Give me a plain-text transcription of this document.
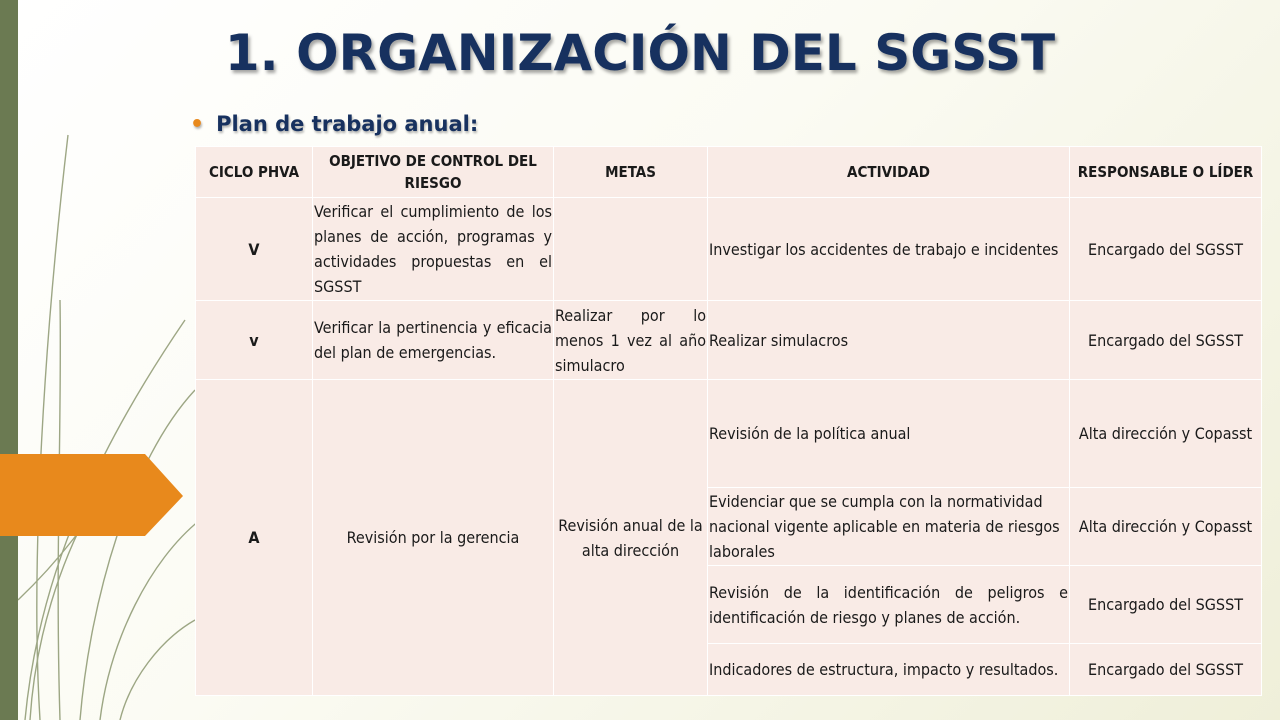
1. ORGANIZACIÓN DEL SGSST
• Plan de trabajo anual:
CICLO PHVA	OBJETIVO DE CONTROL DEL RIESGO	METAS	ACTIVIDAD	RESPONSABLE O LÍDER
V	Verificar el cumplimiento de los planes de acción, programas y actividades propuestas en el SGSST		Investigar los accidentes de trabajo e incidentes	Encargado del SGSST
v	Verificar la pertinencia y eficacia del plan de emergencias.	Realizar por lo menos 1 vez al año simulacro	Realizar simulacros	Encargado del SGSST
A	Revisión por la gerencia	Revisión anual de la alta dirección	Revisión de la política anual	Alta dirección y Copasst
			Evidenciar que se cumpla con la normatividad nacional vigente aplicable en materia de riesgos laborales	Alta dirección y Copasst
			Revisión de la identificación de peligros e identificación de riesgo y planes de acción.	Encargado del SGSST
			Indicadores de estructura, impacto y resultados.	Encargado del SGSST
